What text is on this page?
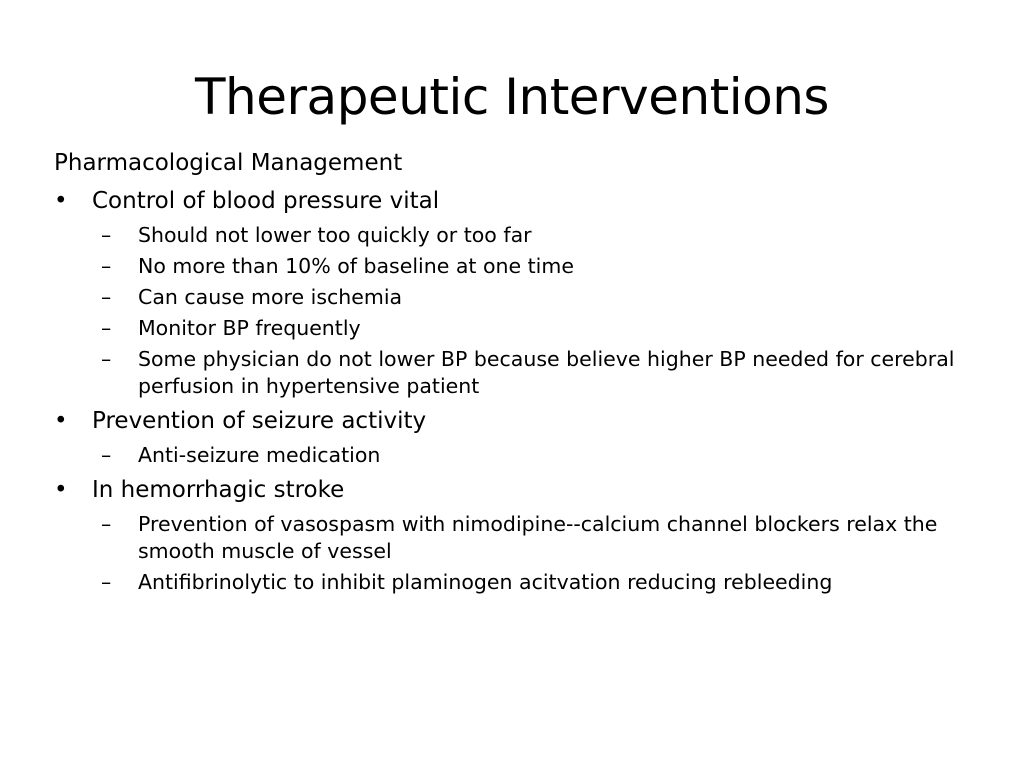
Therapeutic Interventions
Pharmacological Management
• Control of blood pressure vital
– Should not lower too quickly or too far
– No more than 10% of baseline at one time
– Can cause more ischemia
– Monitor BP frequently
– Some physician do not lower BP because believe higher BP needed for cerebral perfusion in hypertensive patient
• Prevention of seizure activity
– Anti-seizure medication
• In hemorrhagic stroke
– Prevention of vasospasm with nimodipine--calcium channel blockers relax the smooth muscle of vessel
– Antifibrinolytic to inhibit plaminogen acitvation reducing rebleeding
